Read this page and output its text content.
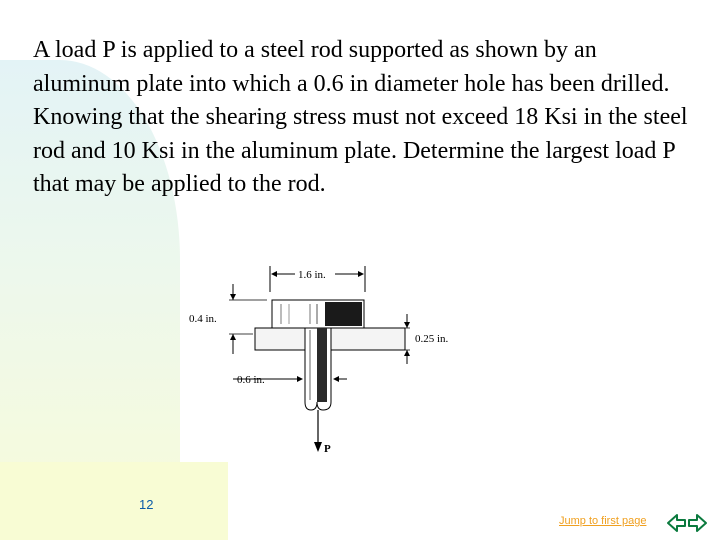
A load P is applied to a steel rod supported as shown by an aluminum plate into which a 0.6 in diameter hole has been drilled. Knowing that the shearing stress must not exceed 18 Ksi in the steel rod and 10 Ksi in the aluminum plate. Determine the largest load P that may be applied to the rod.

1.6 in.
0.4 in.
0.25 in.
0.6 in.
P
12
Jump to first page
